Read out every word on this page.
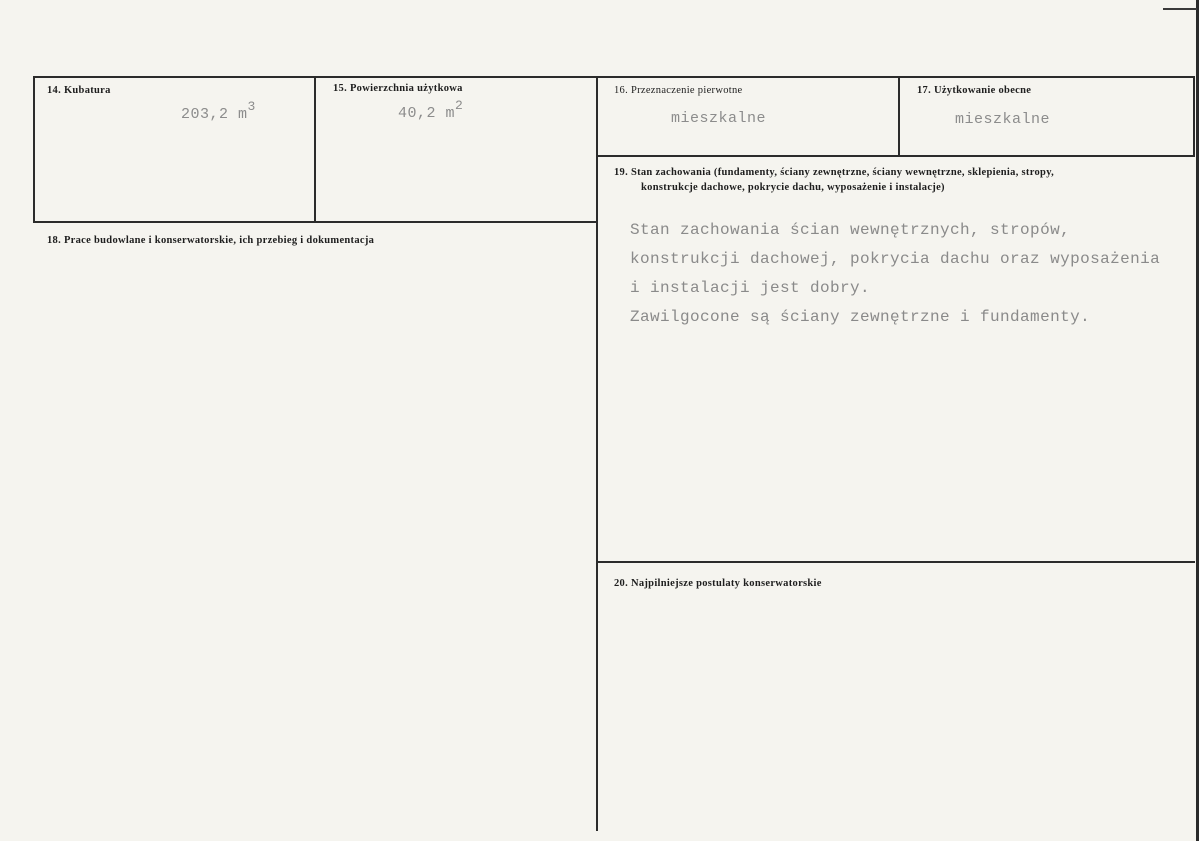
14. Kubatura
203,2 $m^3$
15. Powierzchnia użytkowa
40,2 $m^2$
16. Przeznaczenie pierwotne
mieszkalne
17. Użytkowanie obecne
mieszkalne
18. Prace budowlane i konserwatorskie, ich przebieg i dokumentacja
19. Stan zachowania (fundamenty, ściany zewnętrzne, ściany wewnętrzne, sklepienia, stropy,
konstrukcje dachowe, pokrycie dachu, wyposażenie i instalacje)
Stan zachowania ścian wewnętrznych, stropów,
konstrukcji dachowej, pokrycia dachu oraz wyposażenia
i instalacji jest dobry.
Zawilgocone są ściany zewnętrzne i fundamenty.
20. Najpilniejsze postulaty konserwatorskie
